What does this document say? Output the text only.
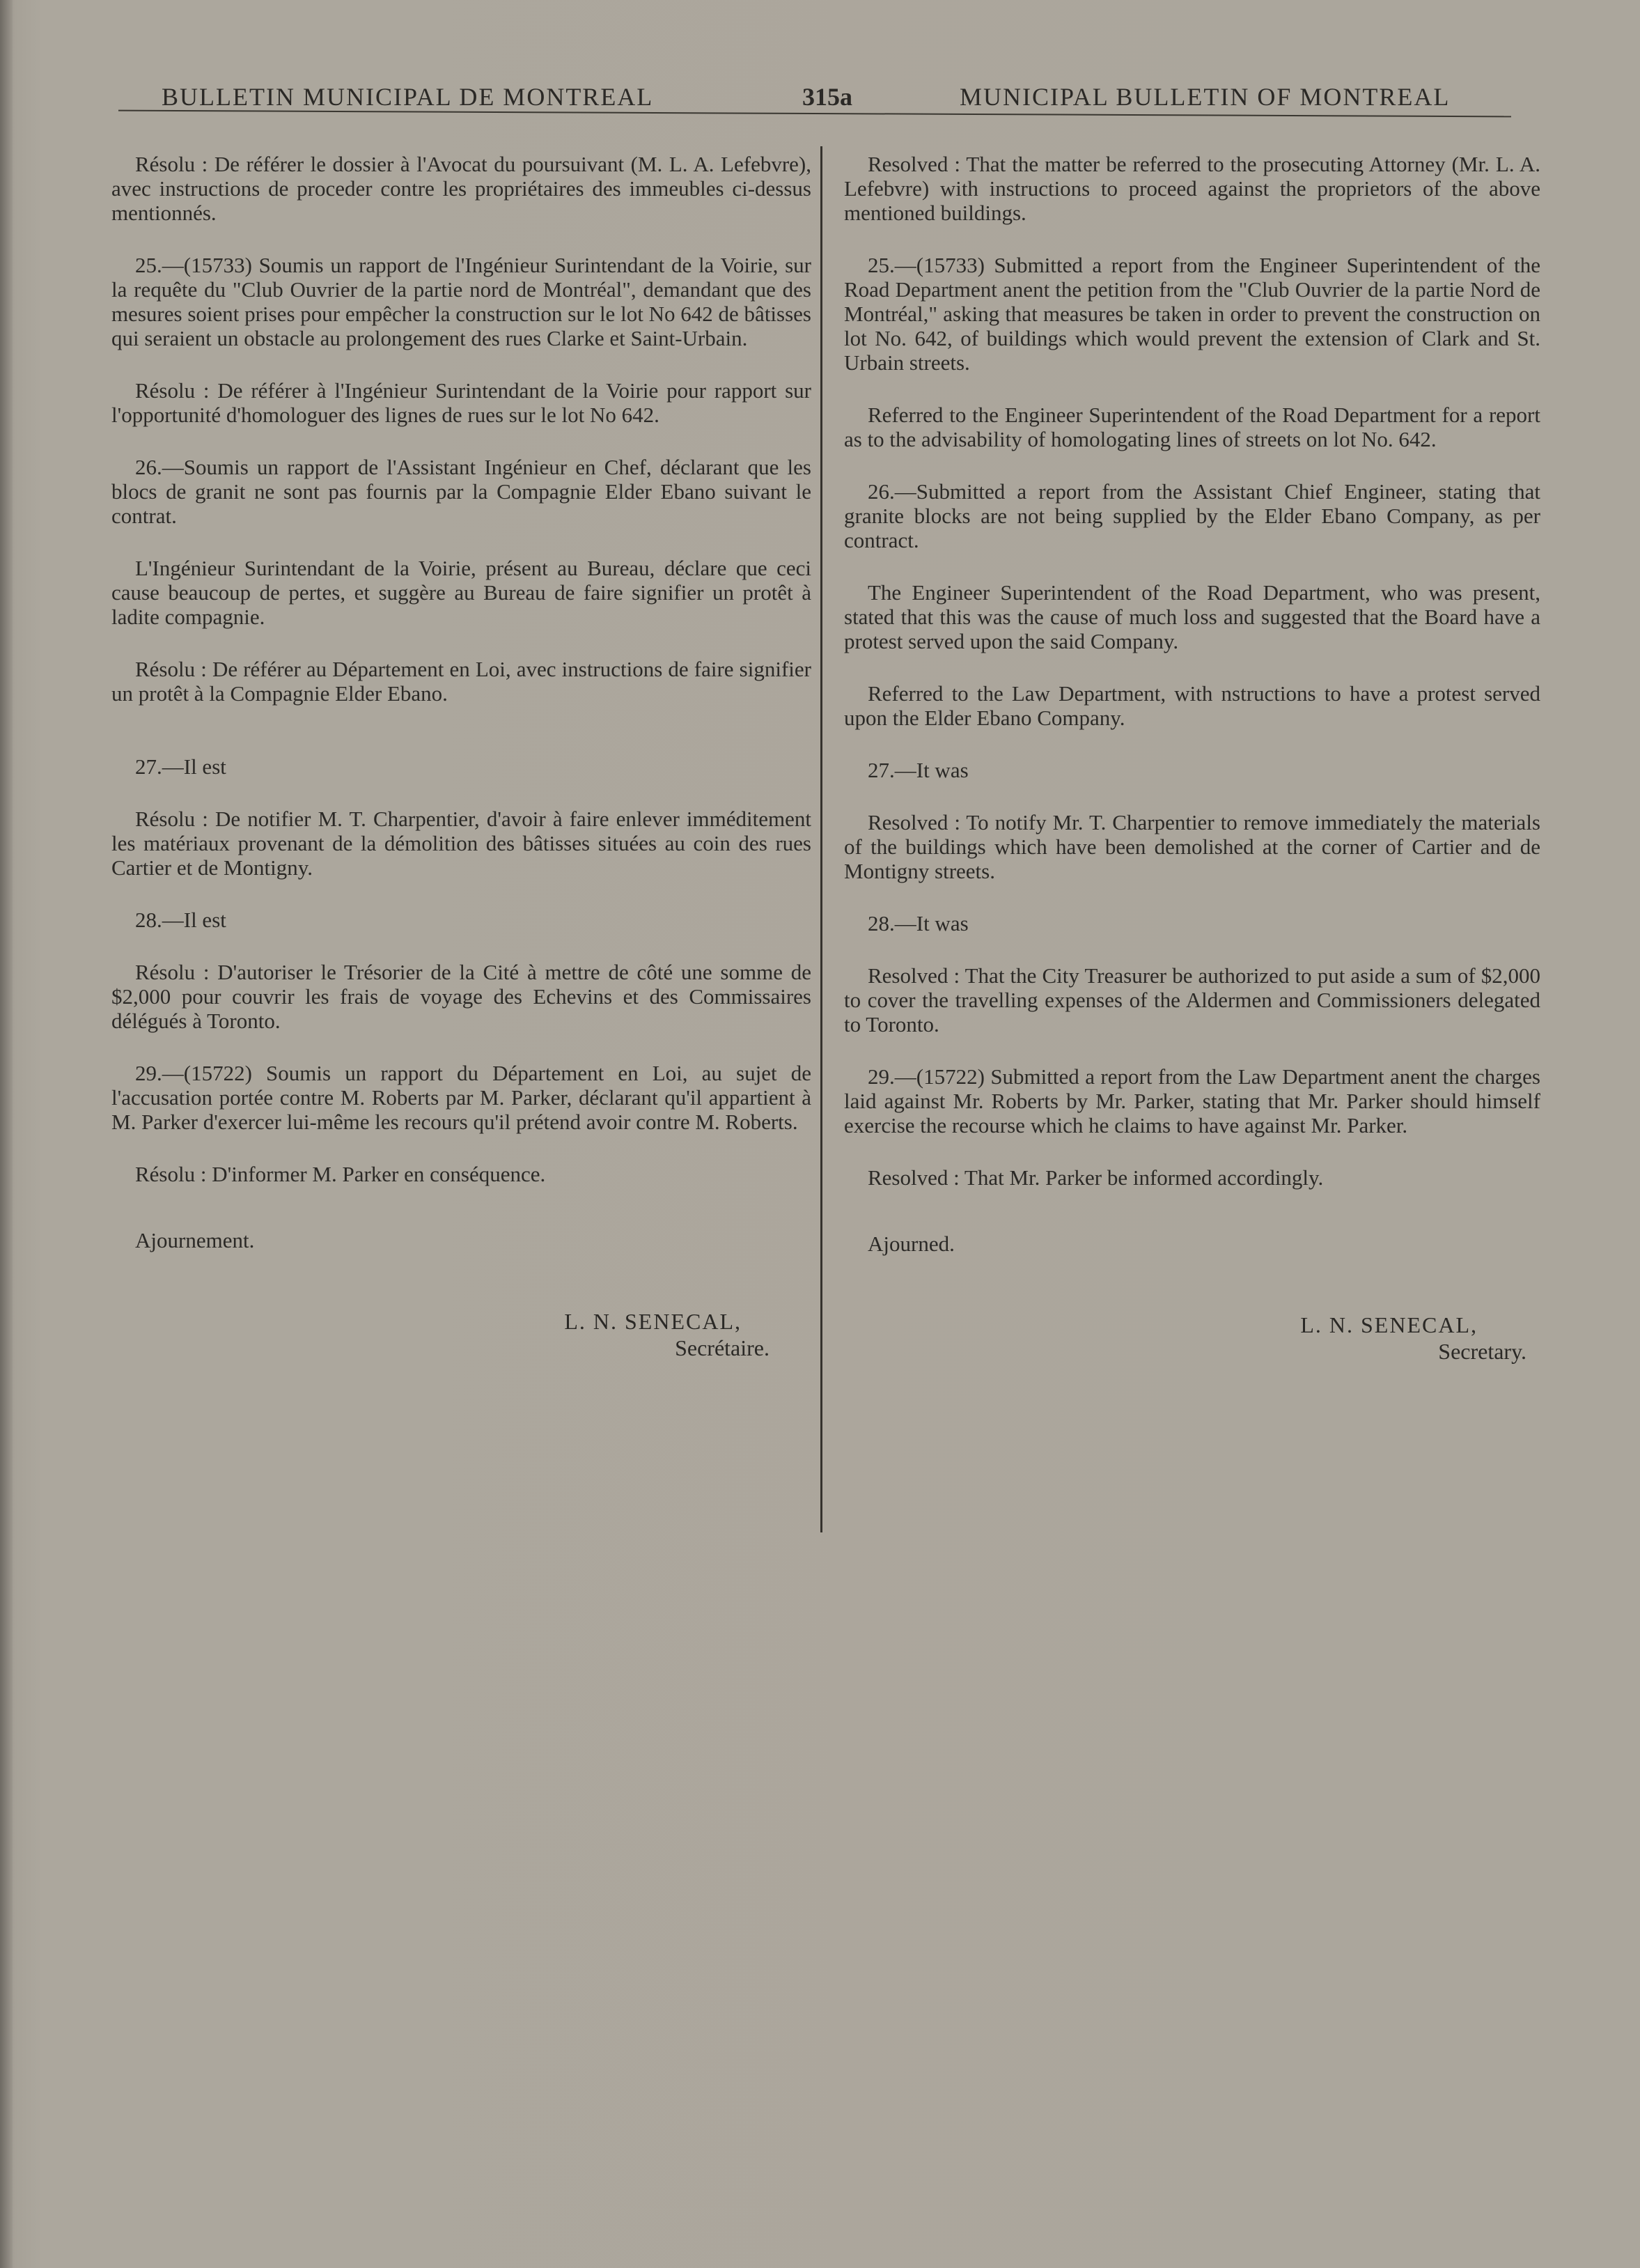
BULLETIN MUNICIPAL DE MONTREAL	315a	MUNICIPAL BULLETIN OF MONTREAL

Résolu : De référer le dossier à l'Avocat du poursuivant (M. L. A. Lefebvre), avec instructions de proceder contre les propriétaires des immeubles ci-dessus mentionnés.

25.—(15733) Soumis un rapport de l'Ingénieur Surintendant de la Voirie, sur la requête du "Club Ouvrier de la partie nord de Montréal", demandant que des mesures soient prises pour empêcher la construction sur le lot No 642 de bâtisses qui seraient un obstacle au prolongement des rues Clarke et Saint-Urbain.

Résolu : De référer à l'Ingénieur Surintendant de la Voirie pour rapport sur l'opportunité d'homologuer des lignes de rues sur le lot No 642.

26.—Soumis un rapport de l'Assistant Ingénieur en Chef, déclarant que les blocs de granit ne sont pas fournis par la Compagnie Elder Ebano suivant le contrat.

L'Ingénieur Surintendant de la Voirie, présent au Bureau, déclare que ceci cause beaucoup de pertes, et suggère au Bureau de faire signifier un protêt à ladite compagnie.

Résolu : De référer au Département en Loi, avec instructions de faire signifier un protêt à la Compagnie Elder Ebano.

27.—Il est

Résolu : De notifier M. T. Charpentier, d'avoir à faire enlever imméditement les matériaux provenant de la démolition des bâtisses situées au coin des rues Cartier et de Montigny.

28.—Il est

Résolu : D'autoriser le Trésorier de la Cité à mettre de côté une somme de $2,000 pour couvrir les frais de voyage des Echevins et des Commissaires délégués à Toronto.

29.—(15722) Soumis un rapport du Département en Loi, au sujet de l'accusation portée contre M. Roberts par M. Parker, déclarant qu'il appartient à M. Parker d'exercer lui-même les recours qu'il prétend avoir contre M. Roberts.

Résolu : D'informer M. Parker en conséquence.

Ajournement.

L. N. SENECAL,
Secrétaire.

Resolved : That the matter be referred to the prosecuting Attorney (Mr. L. A. Lefebvre) with instructions to proceed against the proprietors of the above mentioned buildings.

25.—(15733) Submitted a report from the Engineer Superintendent of the Road Department anent the petition from the "Club Ouvrier de la partie Nord de Montréal," asking that measures be taken in order to prevent the construction on lot No. 642, of buildings which would prevent the extension of Clark and St. Urbain streets.

Referred to the Engineer Superintendent of the Road Department for a report as to the advisability of homologating lines of streets on lot No. 642.

26.—Submitted a report from the Assistant Chief Engineer, stating that granite blocks are not being supplied by the Elder Ebano Company, as per contract.

The Engineer Superintendent of the Road Department, who was present, stated that this was the cause of much loss and suggested that the Board have a protest served upon the said Company.

Referred to the Law Department, with nstructions to have a protest served upon the Elder Ebano Company.

27.—It was

Resolved : To notify Mr. T. Charpentier to remove immediately the materials of the buildings which have been demolished at the corner of Cartier and de Montigny streets.

28.—It was

Resolved : That the City Treasurer be authorized to put aside a sum of $2,000 to cover the travelling expenses of the Aldermen and Commissioners delegated to Toronto.

29.—(15722) Submitted a report from the Law Department anent the charges laid against Mr. Roberts by Mr. Parker, stating that Mr. Parker should himself exercise the recourse which he claims to have against Mr. Parker.

Resolved : That Mr. Parker be informed accordingly.

Ajourned.

L. N. SENECAL,
Secretary.
